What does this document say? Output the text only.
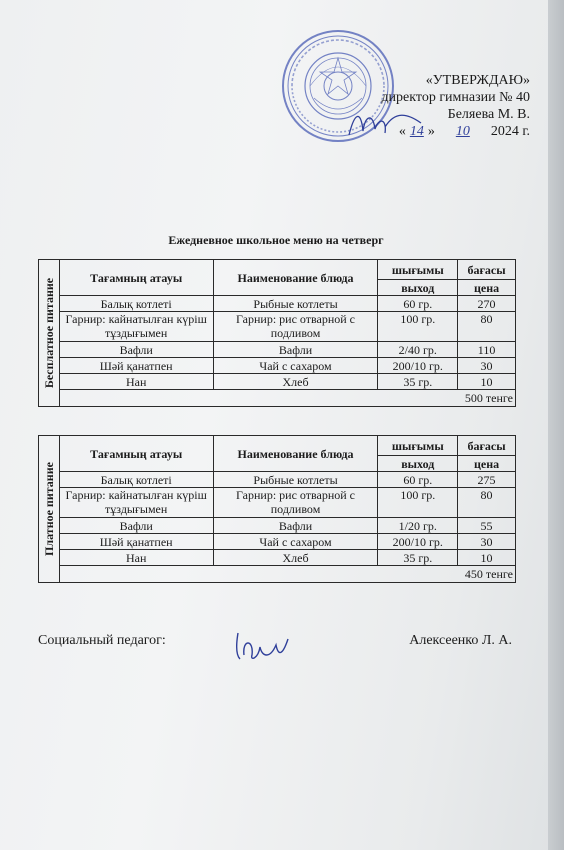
«УТВЕРЖДАЮ»
директор гимназии № 40
Беляева М. В.
« 14 » 10 2024 г.
Ежедневное школьное меню на четверг
Бесплатное питание	Тағамның атауы	Наименование блюда	шығымы	бағасы
			выход	цена
	Балық котлеті	Рыбные котлеты	60 гр.	270
	Гарнир: кайнатылған күріш тұздығымен	Гарнир: рис отварной с подливом	100 гр.	80
	Вафли	Вафли	2/40 гр.	110
	Шәй қанатпен	Чай с сахаром	200/10 гр.	30
	Нан	Хлеб	35 гр.	10
	500 тенге			
Платное питание	Тағамның атауы	Наименование блюда	шығымы	бағасы
			выход	цена
	Балық котлеті	Рыбные котлеты	60 гр.	275
	Гарнир: кайнатылған күріш тұздығымен	Гарнир: рис отварной с подливом	100 гр.	80
	Вафли	Вафли	1/20 гр.	55
	Шәй қанатпен	Чай с сахаром	200/10 гр.	30
	Нан	Хлеб	35 гр.	10
	450 тенге			
Социальный педагог:	Алексеенко Л. А.
